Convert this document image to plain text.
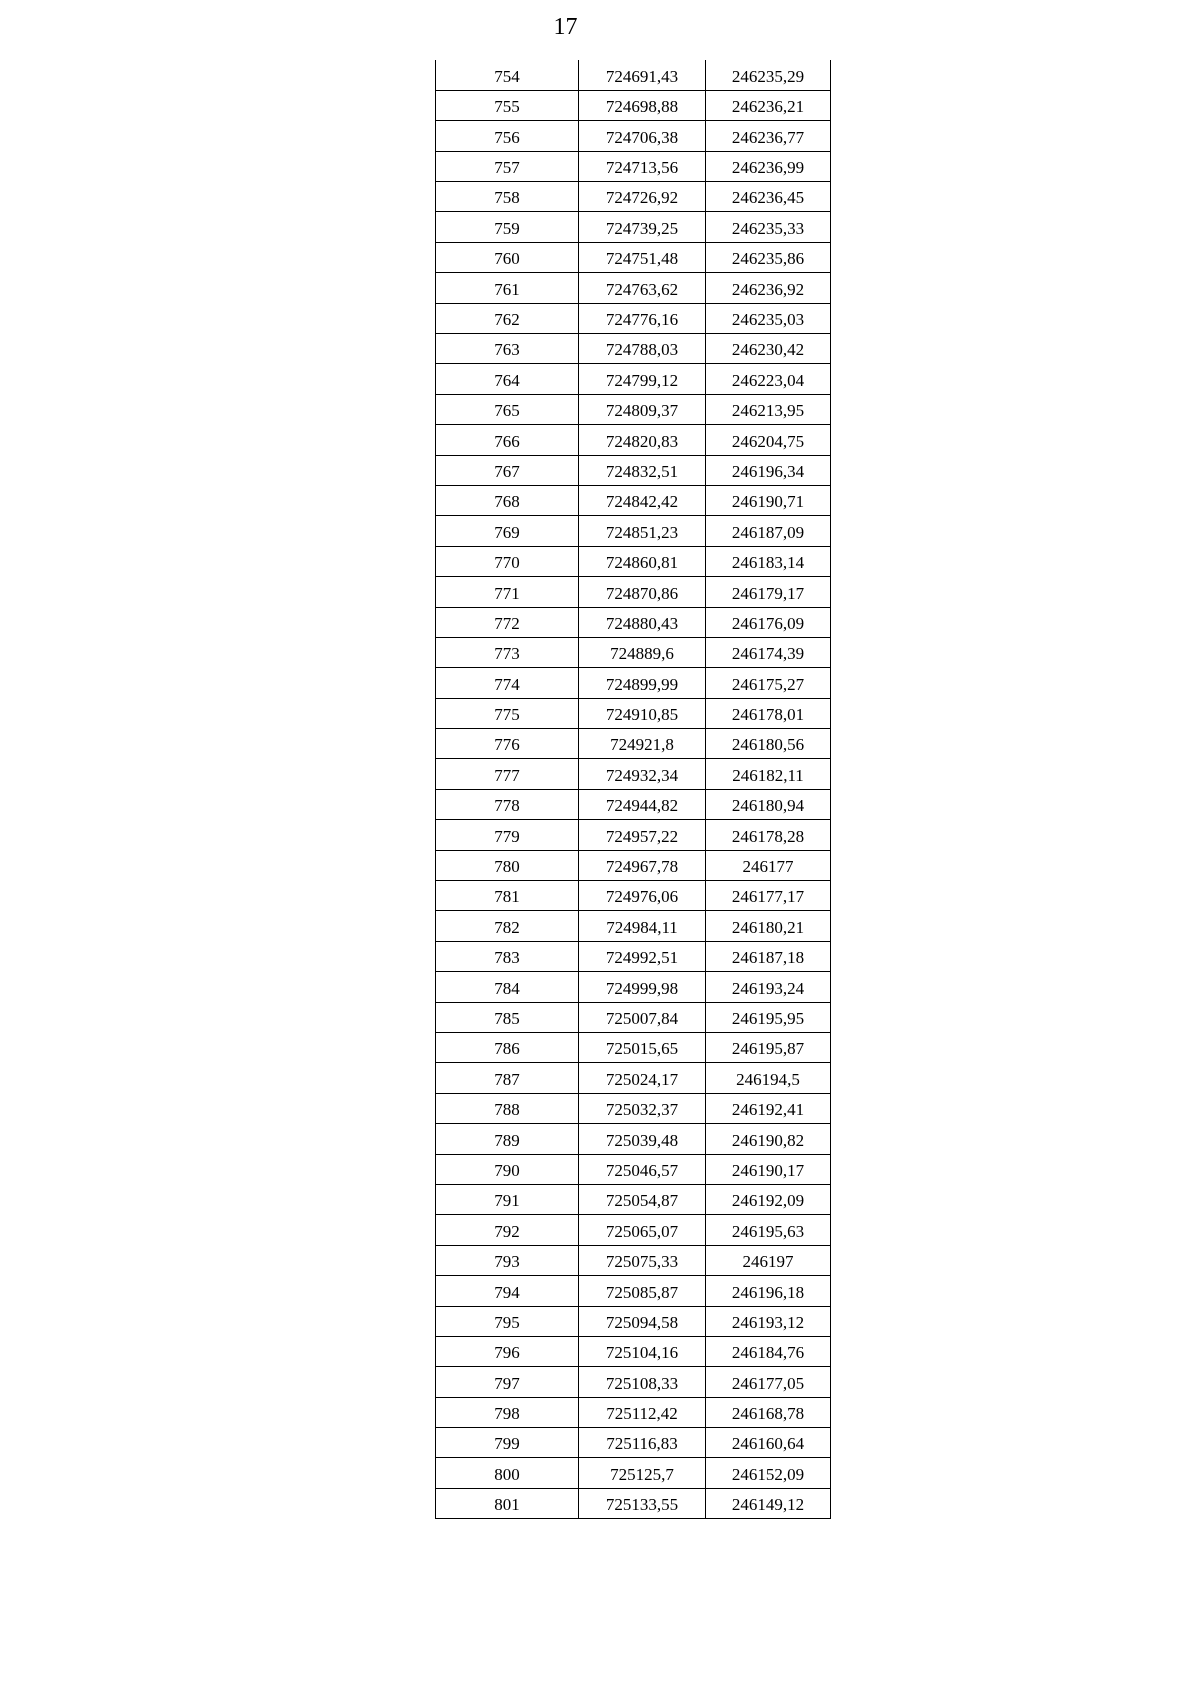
17
754	724691,43	246235,29
755	724698,88	246236,21
756	724706,38	246236,77
757	724713,56	246236,99
758	724726,92	246236,45
759	724739,25	246235,33
760	724751,48	246235,86
761	724763,62	246236,92
762	724776,16	246235,03
763	724788,03	246230,42
764	724799,12	246223,04
765	724809,37	246213,95
766	724820,83	246204,75
767	724832,51	246196,34
768	724842,42	246190,71
769	724851,23	246187,09
770	724860,81	246183,14
771	724870,86	246179,17
772	724880,43	246176,09
773	724889,6	246174,39
774	724899,99	246175,27
775	724910,85	246178,01
776	724921,8	246180,56
777	724932,34	246182,11
778	724944,82	246180,94
779	724957,22	246178,28
780	724967,78	246177
781	724976,06	246177,17
782	724984,11	246180,21
783	724992,51	246187,18
784	724999,98	246193,24
785	725007,84	246195,95
786	725015,65	246195,87
787	725024,17	246194,5
788	725032,37	246192,41
789	725039,48	246190,82
790	725046,57	246190,17
791	725054,87	246192,09
792	725065,07	246195,63
793	725075,33	246197
794	725085,87	246196,18
795	725094,58	246193,12
796	725104,16	246184,76
797	725108,33	246177,05
798	725112,42	246168,78
799	725116,83	246160,64
800	725125,7	246152,09
801	725133,55	246149,12
